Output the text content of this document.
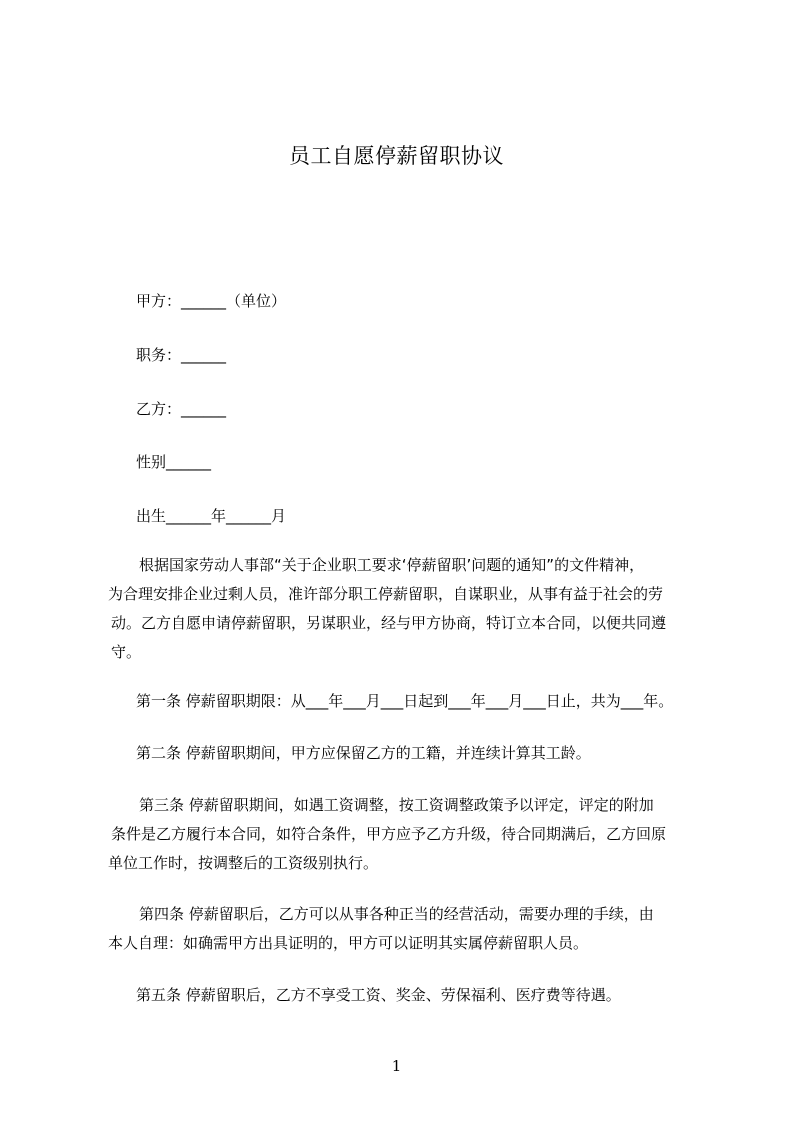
员工自愿停薪留职协议
甲方：______（单位）
职务：______
乙方：______
性别______
出生______年______月

根据国家劳动人事部“关于企业职工要求‘停薪留职’问题的通知”的文件精神，

为合理安排企业过剩人员，准许部分职工停薪留职，自谋职业，从事有益于社会的劳

动。乙方自愿申请停薪留职，另谋职业，经与甲方协商，特订立本合同，以便共同遵

守。

第一条 停薪留职期限：从___年___月___日起到___年___月___日止，共为___年。
第二条 停薪留职期间，甲方应保留乙方的工籍，并连续计算其工龄。

第三条 停薪留职期间，如遇工资调整，按工资调整政策予以评定，评定的附加

条件是乙方履行本合同，如符合条件，甲方应予乙方升级，待合同期满后，乙方回原

单位工作时，按调整后的工资级别执行。

第四条 停薪留职后，乙方可以从事各种正当的经营活动，需要办理的手续，由

本人自理：如确需甲方出具证明的，甲方可以证明其实属停薪留职人员。

第五条 停薪留职后，乙方不享受工资、奖金、劳保福利、医疗费等待遇。
1
